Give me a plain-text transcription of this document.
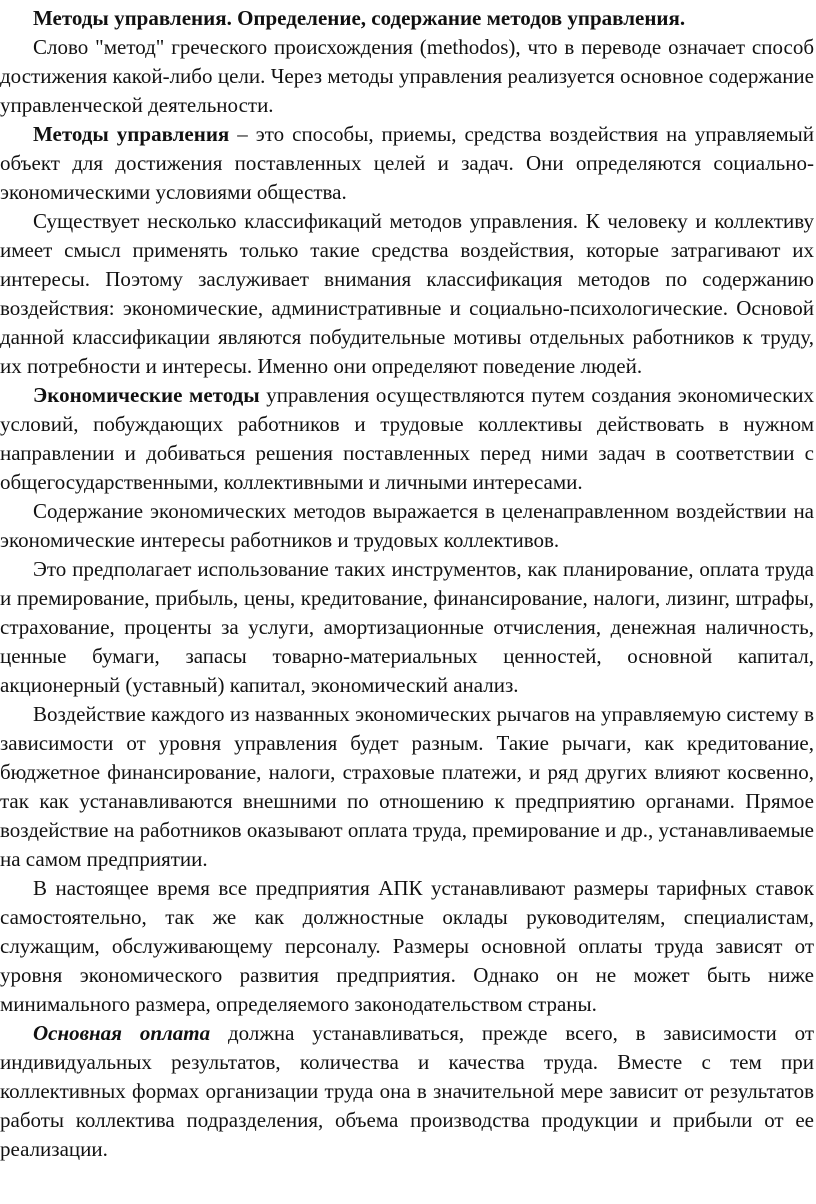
Методы управления. Определение, содержание методов управления.

Слово "метод" греческого происхождения (methodos), что в переводе означает способ достижения какой-либо цели. Через методы управления реализуется основное содержание управленческой деятельности.

Методы управления – это способы, приемы, средства воздействия на управляемый объект для достижения поставленных целей и задач. Они определяются социально-экономическими условиями общества.

Существует несколько классификаций методов управления. К человеку и коллективу имеет смысл применять только такие средства воздействия, которые затрагивают их интересы. Поэтому заслуживает внимания классификация методов по содержанию воздействия: экономические, административные и социально-психологические. Основой данной классификации являются побудительные мотивы отдельных работников к труду, их потребности и интересы. Именно они определяют поведение людей.

Экономические методы управления осуществляются путем создания экономических условий, побуждающих работников и трудовые коллективы действовать в нужном направлении и добиваться решения поставленных перед ними задач в соответствии с общегосударственными, коллективными и личными интересами.

Содержание экономических методов выражается в целенаправленном воздействии на экономические интересы работников и трудовых коллективов.

Это предполагает использование таких инструментов, как планирование, оплата труда и премирование, прибыль, цены, кредитование, финансирование, налоги, лизинг, штрафы, страхование, проценты за услуги, амортизационные отчисления, денежная наличность, ценные бумаги, запасы товарно-материальных ценностей, основной капитал, акционерный (уставный) капитал, экономический анализ.

Воздействие каждого из названных экономических рычагов на управляемую систему в зависимости от уровня управления будет разным. Такие рычаги, как кредитование, бюджетное финансирование, налоги, страховые платежи, и ряд других влияют косвенно, так как устанавливаются внешними по отношению к предприятию органами. Прямое воздействие на работников оказывают оплата труда, премирование и др., устанавливаемые на самом предприятии.

В настоящее время все предприятия АПК устанавливают размеры тарифных ставок самостоятельно, так же как должностные оклады руководителям, специалистам, служащим, обслуживающему персоналу. Размеры основной оплаты труда зависят от уровня экономического развития предприятия. Однако он не может быть ниже минимального размера, определяемого законодательством страны.

Основная оплата должна устанавливаться, прежде всего, в зависимости от индивидуальных результатов, количества и качества труда. Вместе с тем при коллективных формах организации труда она в значительной мере зависит от результатов работы коллектива подразделения, объема производства продукции и прибыли от ее реализации.
